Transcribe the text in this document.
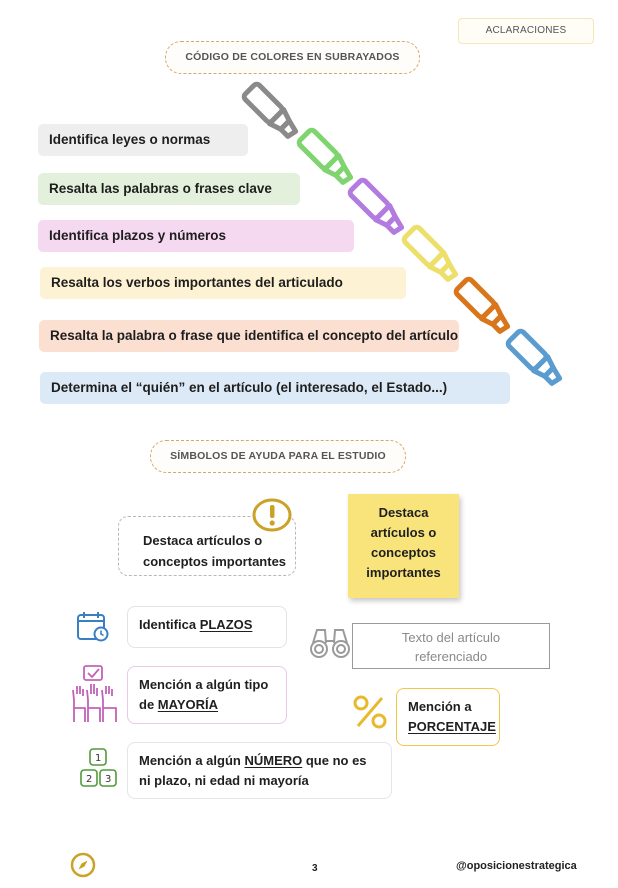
ACLARACIONES
CÓDIGO DE COLORES EN SUBRAYADOS
Identifica leyes o normas
Resalta las palabras o frases clave
Identifica plazos y números
Resalta los verbos importantes del articulado
Resalta la palabra o frase que identifica el concepto del artículo
Determina el “quién” en el artículo (el interesado, el Estado...)
SÍMBOLOS DE AYUDA PARA EL ESTUDIO
Destaca artículos o
conceptos importantes
Destaca
artículos o
conceptos
importantes
Identifica PLAZOS
Texto del artículo
referenciado
Mención a algún tipo
de MAYORÍA	Mención a
PORCENTAJE
1
2 3
Mención a algún NÚMERO que no es
ni plazo, ni edad ni mayoría
3	@oposicionestrategica
